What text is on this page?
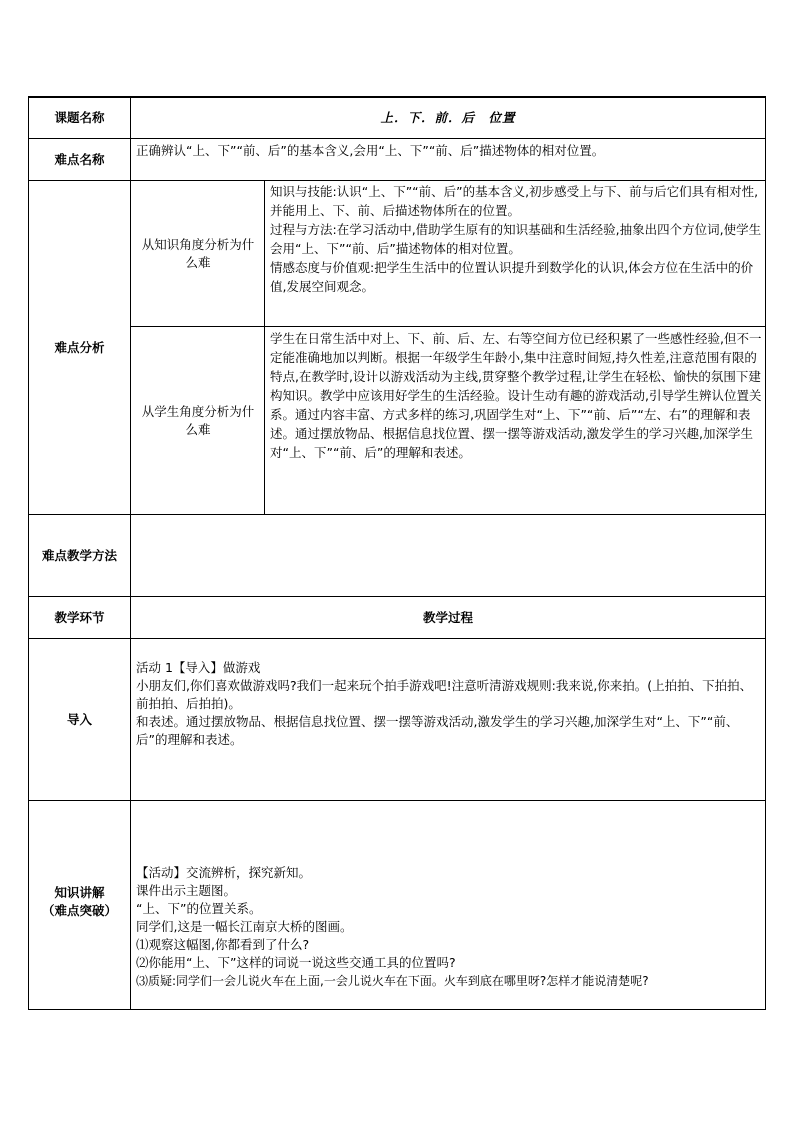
课题名称	上．下．前．后　位置
难点名称
正确辨认“上、下”“前、后”的基本含义,会用“上、下”“前、后”描述物体的相对位置。
难点分析
从知识角度分析为什么难

知识与技能:认识“上、下”“前、后”的基本含义,初步感受上与下、前与后它们具有相对性,并能用上、下、前、后描述物体所在的位置。

过程与方法:在学习活动中,借助学生原有的知识基础和生活经验,抽象出四个方位词,使学生会用“上、下”“前、后”描述物体的相对位置。

情感态度与价值观:把学生生活中的位置认识提升到数学化的认识,体会方位在生活中的价值,发展空间观念。

从学生角度分析为什么难
学生在日常生活中对上、下、前、后、左、右等空间方位已经积累了一些感性经验,但不一定能准确地加以判断。根据一年级学生年龄小,集中注意时间短,持久性差,注意范围有限的特点,在教学时,设计以游戏活动为主线,贯穿整个教学过程,让学生在轻松、愉快的氛围下建构知识。教学中应该用好学生的生活经验。设计生动有趣的游戏活动,引导学生辨认位置关系。通过内容丰富、方式多样的练习,巩固学生对“上、下”“前、后”“左、右”的理解和表述。通过摆放物品、根据信息找位置、摆一摆等游戏活动,激发学生的学习兴趣,加深学生对“上、下”“前、后”的理解和表述。
难点教学方法
教学环节	教学过程
导入

活动 1【导入】做游戏

小朋友们,你们喜欢做游戏吗?我们一起来玩个拍手游戏吧!注意听清游戏规则:我来说,你来拍。(上拍拍、下拍拍、前拍拍、后拍拍)。

和表述。通过摆放物品、根据信息找位置、摆一摆等游戏活动,激发学生的学习兴趣,加深学生对“上、下”“前、后”的理解和表述。

知识讲解
（难点突破）

【活动】交流辨析，探究新知。

课件出示主题图。

“上、下”的位置关系。

同学们,这是一幅长江南京大桥的图画。

⑴观察这幅图,你都看到了什么?

⑵你能用“上、下”这样的词说一说这些交通工具的位置吗?

⑶质疑:同学们一会儿说火车在上面,一会儿说火车在下面。火车到底在哪里呀?怎样才能说清楚呢?
